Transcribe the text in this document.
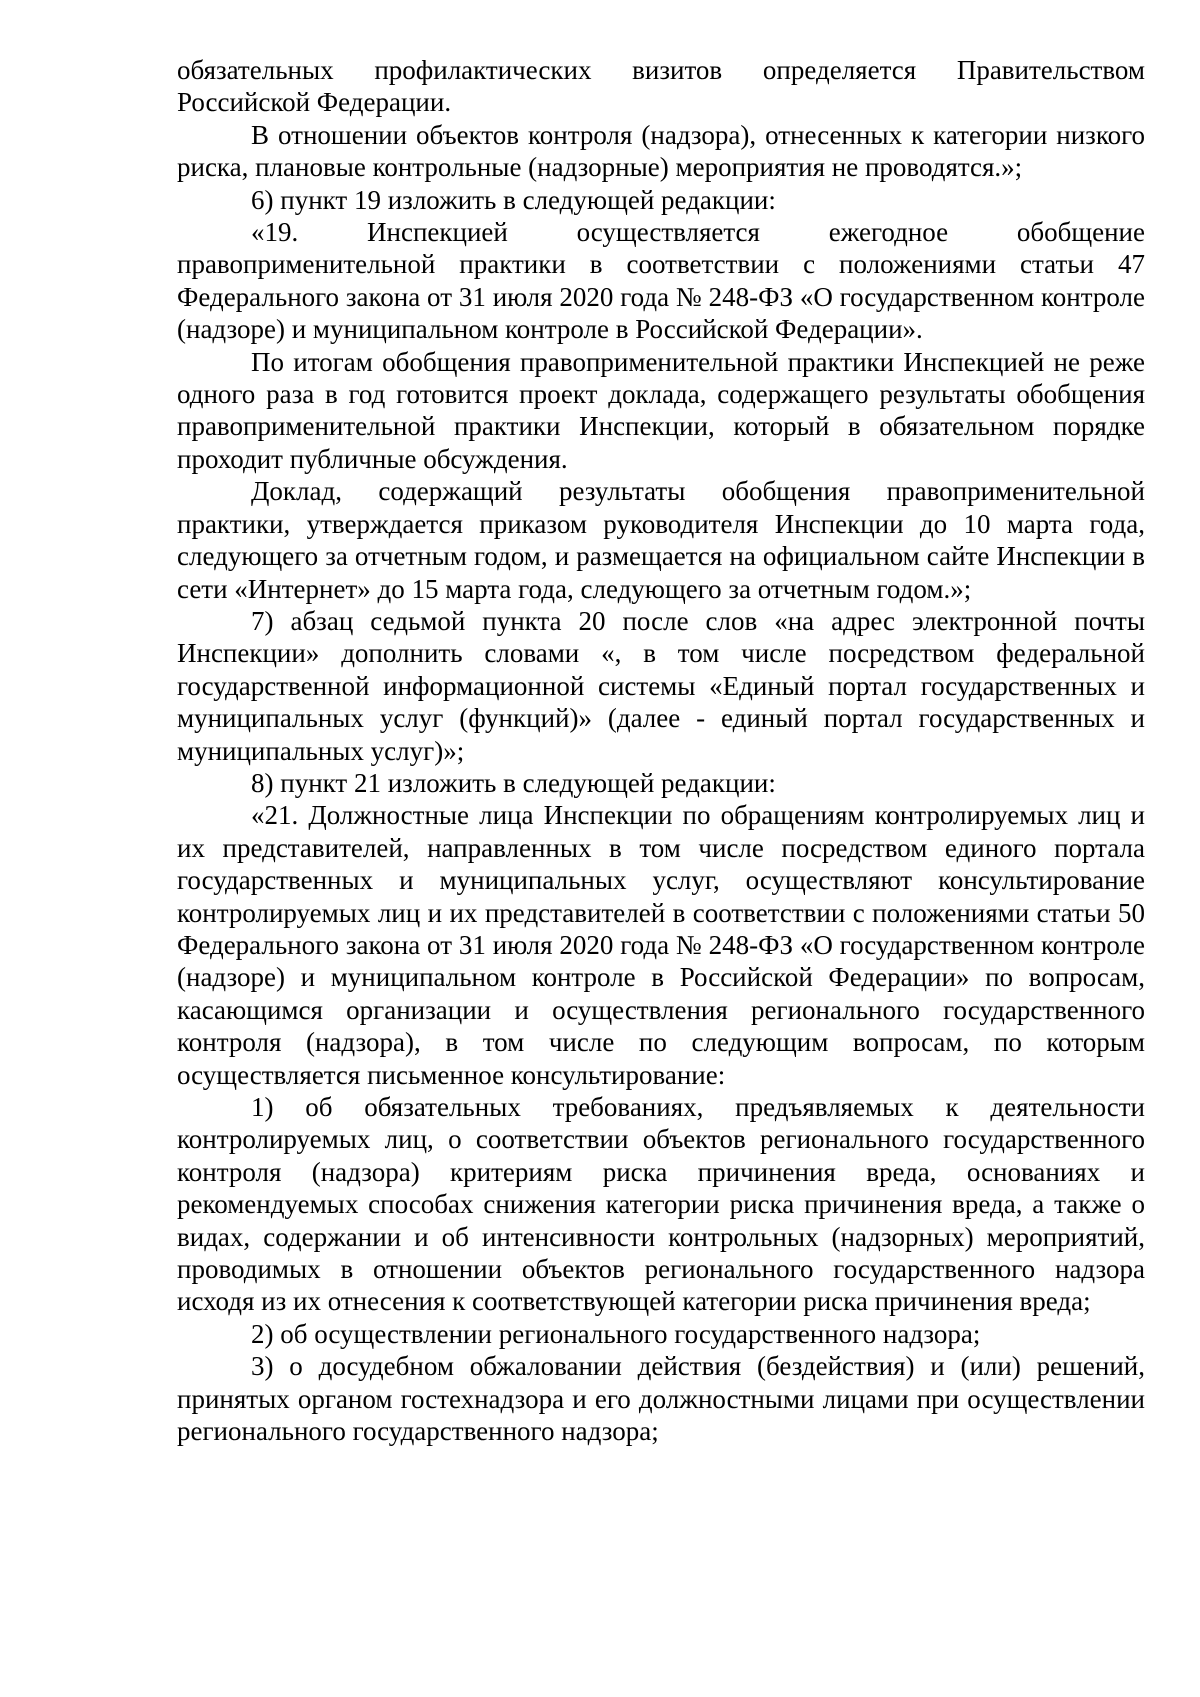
обязательных профилактических визитов определяется Правительством Российской Федерации.

В отношении объектов контроля (надзора), отнесенных к категории низкого риска, плановые контрольные (надзорные) мероприятия не проводятся.»;

6) пункт 19 изложить в следующей редакции:

«19. Инспекцией осуществляется ежегодное обобщение правоприменительной практики в соответствии с положениями статьи 47 Федерального закона от 31 июля 2020 года № 248-ФЗ «О государственном контроле (надзоре) и муниципальном контроле в Российской Федерации».

По итогам обобщения правоприменительной практики Инспекцией не реже одного раза в год готовится проект доклада, содержащего результаты обобщения правоприменительной практики Инспекции, который в обязательном порядке проходит публичные обсуждения.

Доклад, содержащий результаты обобщения правоприменительной практики, утверждается приказом руководителя Инспекции до 10 марта года, следующего за отчетным годом, и размещается на официальном сайте Инспекции в сети «Интернет» до 15 марта года, следующего за отчетным годом.»;

7) абзац седьмой пункта 20 после слов «на адрес электронной почты Инспекции» дополнить словами «, в том числе посредством федеральной государственной информационной системы «Единый портал государственных и муниципальных услуг (функций)» (далее - единый портал государственных и муниципальных услуг)»;

8) пункт 21 изложить в следующей редакции:

«21. Должностные лица Инспекции по обращениям контролируемых лиц и их представителей, направленных в том числе посредством единого портала государственных и муниципальных услуг, осуществляют консультирование контролируемых лиц и их представителей в соответствии с положениями статьи 50 Федерального закона от 31 июля 2020 года № 248-ФЗ «О государственном контроле (надзоре) и муниципальном контроле в Российской Федерации» по вопросам, касающимся организации и осуществления регионального государственного контроля (надзора), в том числе по следующим вопросам, по которым осуществляется письменное консультирование:

1) об обязательных требованиях, предъявляемых к деятельности контролируемых лиц, о соответствии объектов регионального государственного контроля (надзора) критериям риска причинения вреда, основаниях и рекомендуемых способах снижения категории риска причинения вреда, а также о видах, содержании и об интенсивности контрольных (надзорных) мероприятий, проводимых в отношении объектов регионального государственного надзора исходя из их отнесения к соответствующей категории риска причинения вреда;

2) об осуществлении регионального государственного надзора;

3) о досудебном обжаловании действия (бездействия) и (или) решений, принятых органом гостехнадзора и его должностными лицами при осуществлении регионального государственного надзора;
